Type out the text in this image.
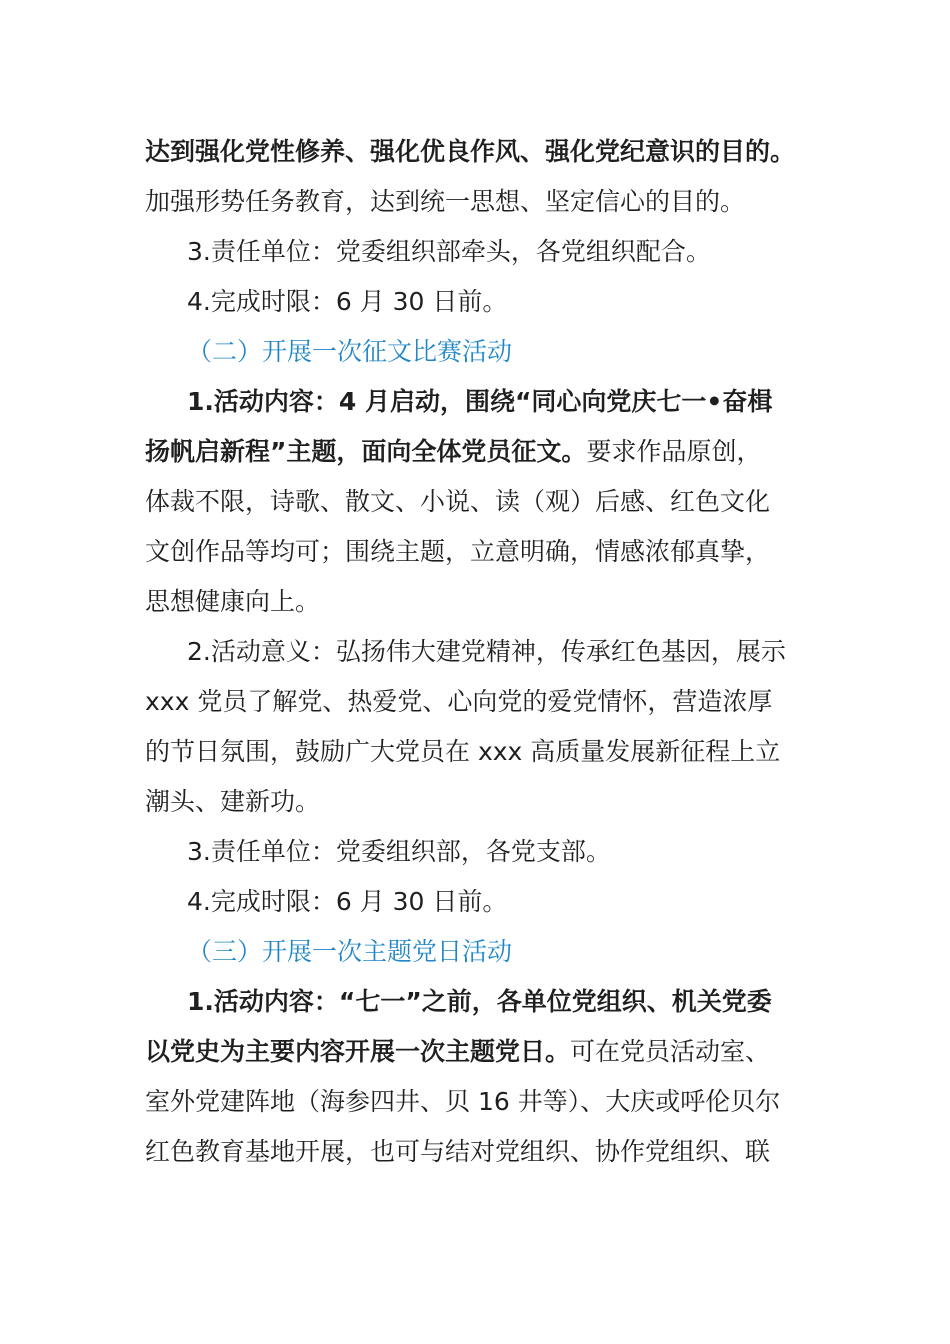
达到强化党性修养、强化优良作风、强化党纪意识的目的。
加强形势任务教育，达到统一思想、坚定信心的目的。
3.责任单位：党委组织部牵头，各党组织配合。
4.完成时限：6 月 30 日前。
（二）开展一次征文比赛活动
1.活动内容：4 月启动，围绕“同心向党庆七一•奋楫
扬帆启新程”主题，面向全体党员征文。要求作品原创，
体裁不限，诗歌、散文、小说、读（观）后感、红色文化
文创作品等均可；围绕主题，立意明确，情感浓郁真挚，
思想健康向上。
2.活动意义：弘扬伟大建党精神，传承红色基因，展示
xxx 党员了解党、热爱党、心向党的爱党情怀，营造浓厚
的节日氛围，鼓励广大党员在 xxx 高质量发展新征程上立
潮头、建新功。
3.责任单位：党委组织部，各党支部。
4.完成时限：6 月 30 日前。
（三）开展一次主题党日活动
1.活动内容：“七一”之前，各单位党组织、机关党委
以党史为主要内容开展一次主题党日。可在党员活动室、
室外党建阵地（海参四井、贝 16 井等）、大庆或呼伦贝尔
红色教育基地开展，也可与结对党组织、协作党组织、联
